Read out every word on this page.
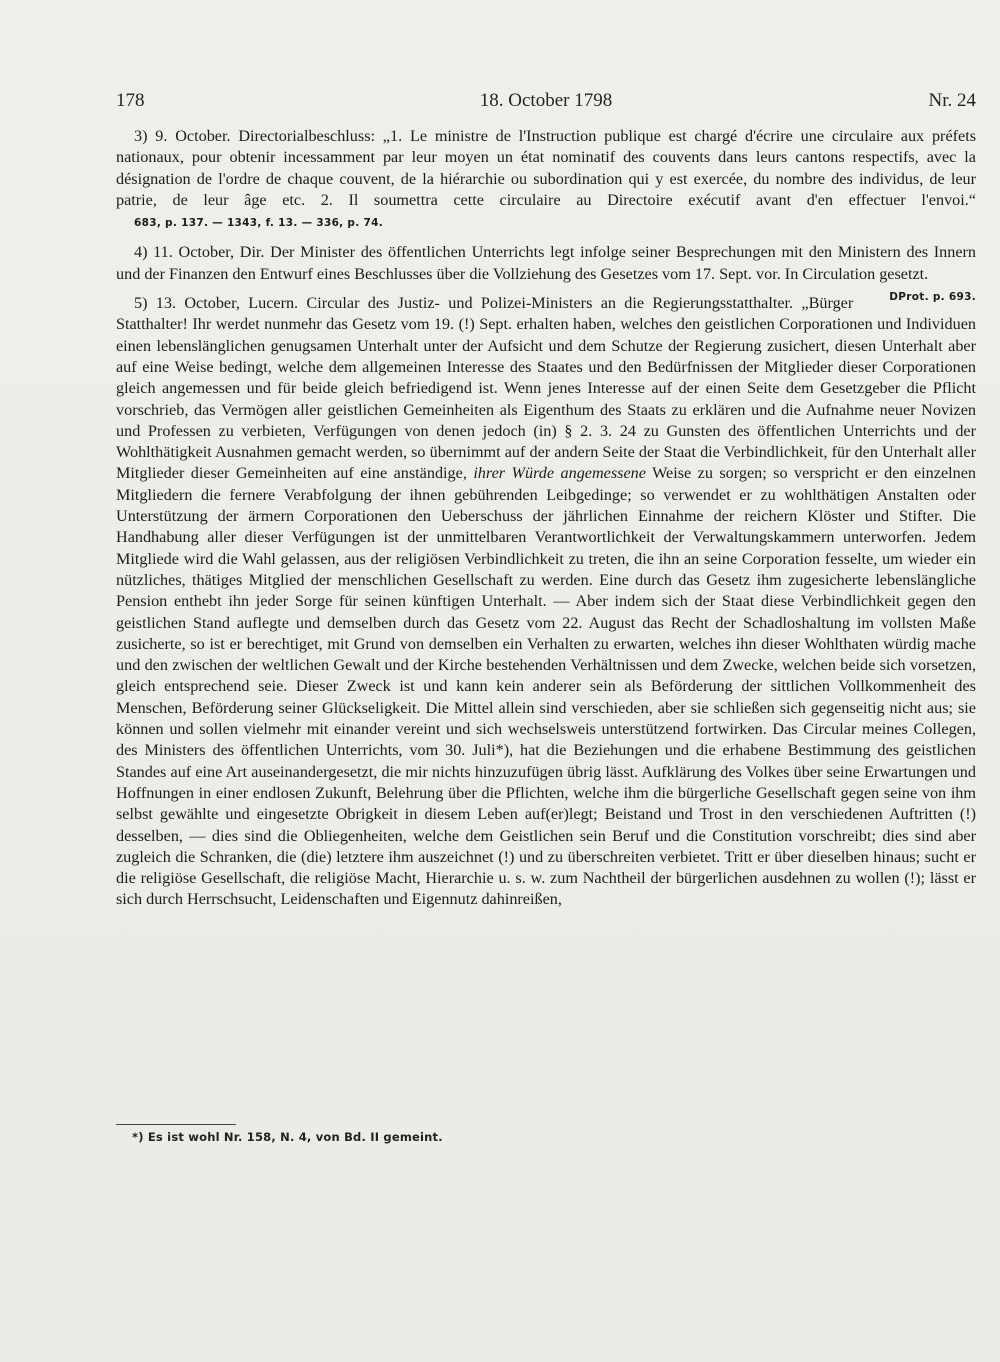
178	18. October 1798	Nr. 24

3) 9. October. Directorialbeschluss: „1. Le ministre de l'Instruction publique est chargé d'écrire une circulaire aux préfets nationaux, pour obtenir incessamment par leur moyen un état nominatif des couvents dans leurs cantons respectifs, avec la désignation de l'ordre de chaque couvent, de la hiérarchie ou subordination qui y est exercée, du nombre des individus, de leur patrie, de leur âge etc. 2. Il soumettra cette circulaire au Directoire exécutif avant d'en effectuer l'envoi.“ 683, p. 137. — 1343, f. 13. — 336, p. 74.

4) 11. October, Dir. Der Minister des öffentlichen Unterrichts legt infolge seiner Besprechungen mit den Ministern des Innern und der Finanzen den Entwurf eines Beschlusses über die Vollziehung des Gesetzes vom 17. Sept. vor. In Circulation gesetzt.
DProt. p. 693.

5) 13. October, Lucern. Circular des Justiz- und Polizei-Ministers an die Regierungsstatthalter. „Bürger Statthalter! Ihr werdet nunmehr das Gesetz vom 19. (!) Sept. erhalten haben, welches den geistlichen Corporationen und Individuen einen lebenslänglichen genugsamen Unterhalt unter der Aufsicht und dem Schutze der Regierung zusichert, diesen Unterhalt aber auf eine Weise bedingt, welche dem allgemeinen Interesse des Staates und den Bedürfnissen der Mitglieder dieser Corporationen gleich angemessen und für beide gleich befriedigend ist. Wenn jenes Interesse auf der einen Seite dem Gesetzgeber die Pflicht vorschrieb, das Vermögen aller geistlichen Gemeinheiten als Eigenthum des Staats zu erklären und die Aufnahme neuer Novizen und Professen zu verbieten, Verfügungen von denen jedoch (in) § 2. 3. 24 zu Gunsten des öffentlichen Unterrichts und der Wohlthätigkeit Ausnahmen gemacht werden, so übernimmt auf der andern Seite der Staat die Verbindlichkeit, für den Unterhalt aller Mitglieder dieser Gemeinheiten auf eine anständige, ihrer Würde angemessene Weise zu sorgen; so verspricht er den einzelnen Mitgliedern die fernere Verabfolgung der ihnen gebührenden Leibgedinge; so verwendet er zu wohlthätigen Anstalten oder Unterstützung der ärmern Corporationen den Ueberschuss der jährlichen Einnahme der reichern Klöster und Stifter. Die Handhabung aller dieser Verfügungen ist der unmittelbaren Verantwortlichkeit der Verwaltungskammern unterworfen. Jedem Mitgliede wird die Wahl gelassen, aus der religiösen Verbindlichkeit zu treten, die ihn an seine Corporation fesselte, um wieder ein nützliches, thätiges Mitglied der menschlichen Gesellschaft zu werden. Eine durch das Gesetz ihm zugesicherte lebenslängliche Pension enthebt ihn jeder Sorge für seinen künftigen Unterhalt. — Aber indem sich der Staat diese Verbindlichkeit gegen den geistlichen Stand auflegte und demselben durch das Gesetz vom 22. August das Recht der Schadloshaltung im vollsten Maße zusicherte, so ist er berechtiget, mit Grund von demselben ein Verhalten zu erwarten, welches ihn dieser Wohlthaten würdig mache und den zwischen der weltlichen Gewalt und der Kirche bestehenden Verhältnissen und dem Zwecke, welchen beide sich vorsetzen, gleich entsprechend seie. Dieser Zweck ist und kann kein anderer sein als Beförderung der sittlichen Vollkommenheit des Menschen, Beförderung seiner Glückseligkeit. Die Mittel allein sind verschieden, aber sie schließen sich gegenseitig nicht aus; sie können und sollen vielmehr mit einander vereint und sich wechselsweis unterstützend fortwirken. Das Circular meines Collegen, des Ministers des öffentlichen Unterrichts, vom 30. Juli*), hat die Beziehungen und die erhabene Bestimmung des geistlichen Standes auf eine Art auseinandergesetzt, die mir nichts hinzuzufügen übrig lässt. Aufklärung des Volkes über seine Erwartungen und Hoffnungen in einer endlosen Zukunft, Belehrung über die Pflichten, welche ihm die bürgerliche Gesellschaft gegen seine von ihm selbst gewählte und eingesetzte Obrigkeit in diesem Leben auf(er)legt; Beistand und Trost in den verschiedenen Auftritten (!) desselben, — dies sind die Obliegenheiten, welche dem Geistlichen sein Beruf und die Constitution vorschreibt; dies sind aber zugleich die Schranken, die (die) letztere ihm auszeichnet (!) und zu überschreiten verbietet. Tritt er über dieselben hinaus; sucht er die religiöse Gesellschaft, die religiöse Macht, Hierarchie u. s. w. zum Nachtheil der bürgerlichen ausdehnen zu wollen (!); lässt er sich durch Herrschsucht, Leidenschaften und Eigennutz dahinreißen,

*) Es ist wohl Nr. 158, N. 4, von Bd. II gemeint.
